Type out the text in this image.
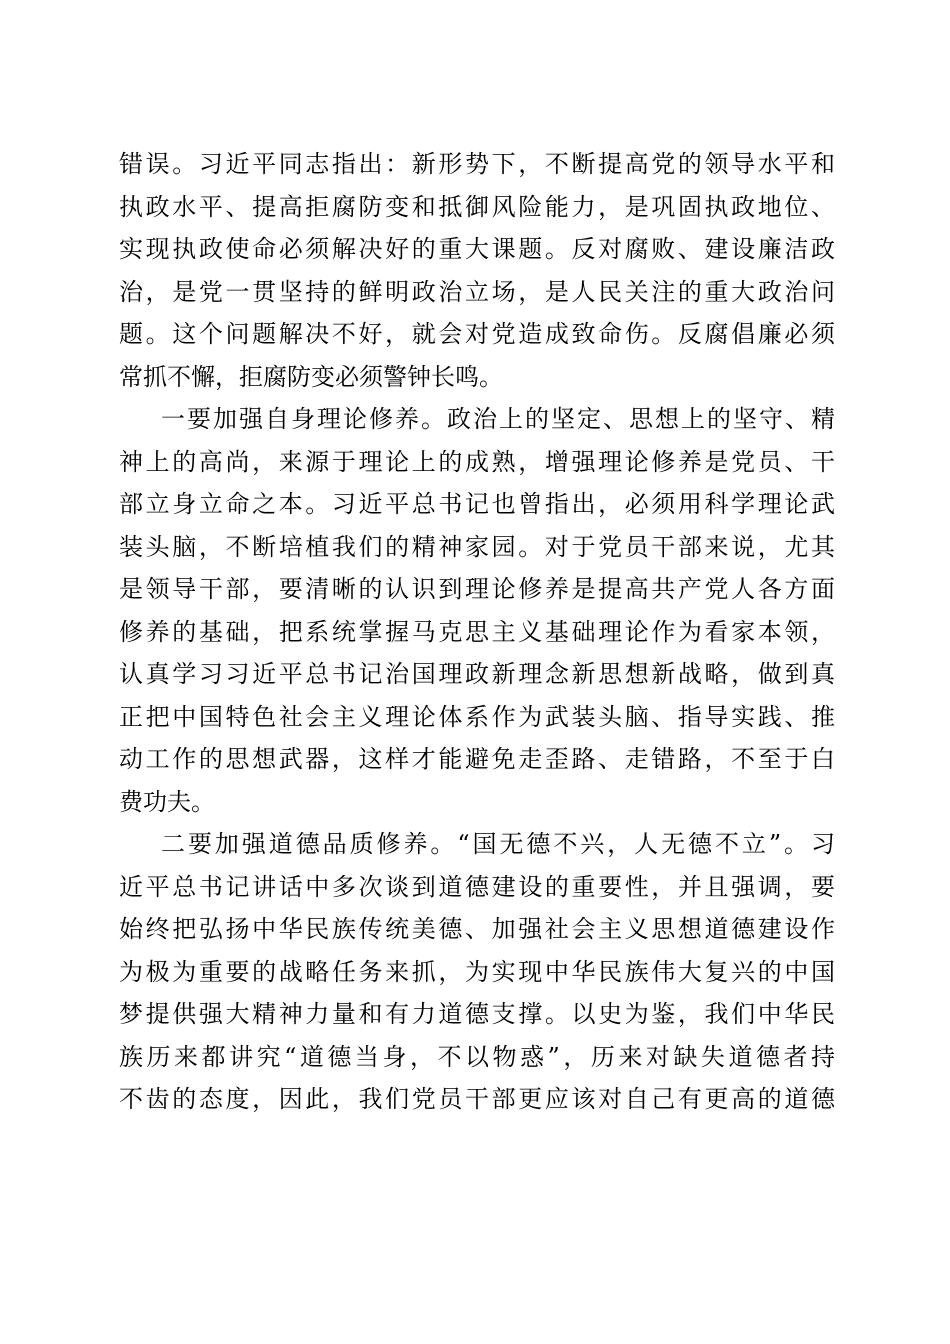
错误。习近平同志指出：新形势下，不断提高党的领导水平和
执政水平、提高拒腐防变和抵御风险能力，是巩固执政地位、
实现执政使命必须解决好的重大课题。反对腐败、建设廉洁政
治，是党一贯坚持的鲜明政治立场，是人民关注的重大政治问
题。这个问题解决不好，就会对党造成致命伤。反腐倡廉必须
常抓不懈，拒腐防变必须警钟长鸣。
一要加强自身理论修养。政治上的坚定、思想上的坚守、精
神上的高尚，来源于理论上的成熟，增强理论修养是党员、干
部立身立命之本。习近平总书记也曾指出，必须用科学理论武
装头脑，不断培植我们的精神家园。对于党员干部来说，尤其
是领导干部，要清晰的认识到理论修养是提高共产党人各方面
修养的基础，把系统掌握马克思主义基础理论作为看家本领，
认真学习习近平总书记治国理政新理念新思想新战略，做到真
正把中国特色社会主义理论体系作为武装头脑、指导实践、推
动工作的思想武器，这样才能避免走歪路、走错路，不至于白
费功夫。
二要加强道德品质修养。“国无德不兴，人无德不立”。习
近平总书记讲话中多次谈到道德建设的重要性，并且强调，要
始终把弘扬中华民族传统美德、加强社会主义思想道德建设作
为极为重要的战略任务来抓，为实现中华民族伟大复兴的中国
梦提供强大精神力量和有力道德支撑。以史为鉴，我们中华民
族历来都讲究“道德当身，不以物惑”，历来对缺失道德者持
不齿的态度，因此，我们党员干部更应该对自己有更高的道德
